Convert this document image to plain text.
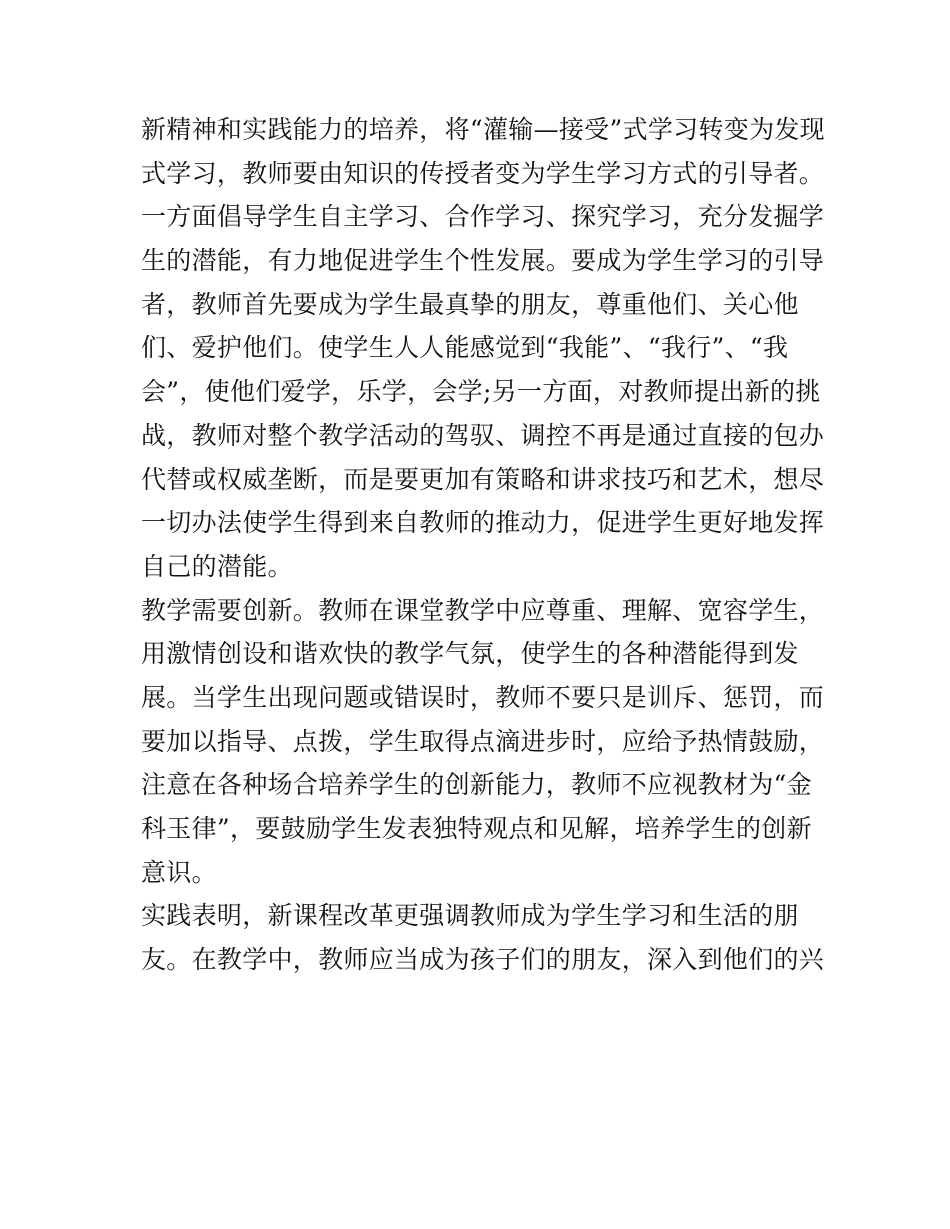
新精神和实践能力的培养，将“灌输—接受”式学习转变为发现
式学习，教师要由知识的传授者变为学生学习方式的引导者。
一方面倡导学生自主学习、合作学习、探究学习，充分发掘学
生的潜能，有力地促进学生个性发展。要成为学生学习的引导
者，教师首先要成为学生最真挚的朋友，尊重他们、关心他
们、爱护他们。使学生人人能感觉到“我能”、“我行”、“我
会”，使他们爱学，乐学，会学;另一方面，对教师提出新的挑
战，教师对整个教学活动的驾驭、调控不再是通过直接的包办
代替或权威垄断，而是要更加有策略和讲求技巧和艺术，想尽
一切办法使学生得到来自教师的推动力，促进学生更好地发挥
自己的潜能。
教学需要创新。教师在课堂教学中应尊重、理解、宽容学生，
用激情创设和谐欢快的教学气氛，使学生的各种潜能得到发
展。当学生出现问题或错误时，教师不要只是训斥、惩罚，而
要加以指导、点拨，学生取得点滴进步时，应给予热情鼓励，
注意在各种场合培养学生的创新能力，教师不应视教材为“金
科玉律”，要鼓励学生发表独特观点和见解，培养学生的创新
意识。
实践表明，新课程改革更强调教师成为学生学习和生活的朋
友。在教学中，教师应当成为孩子们的朋友，深入到他们的兴
